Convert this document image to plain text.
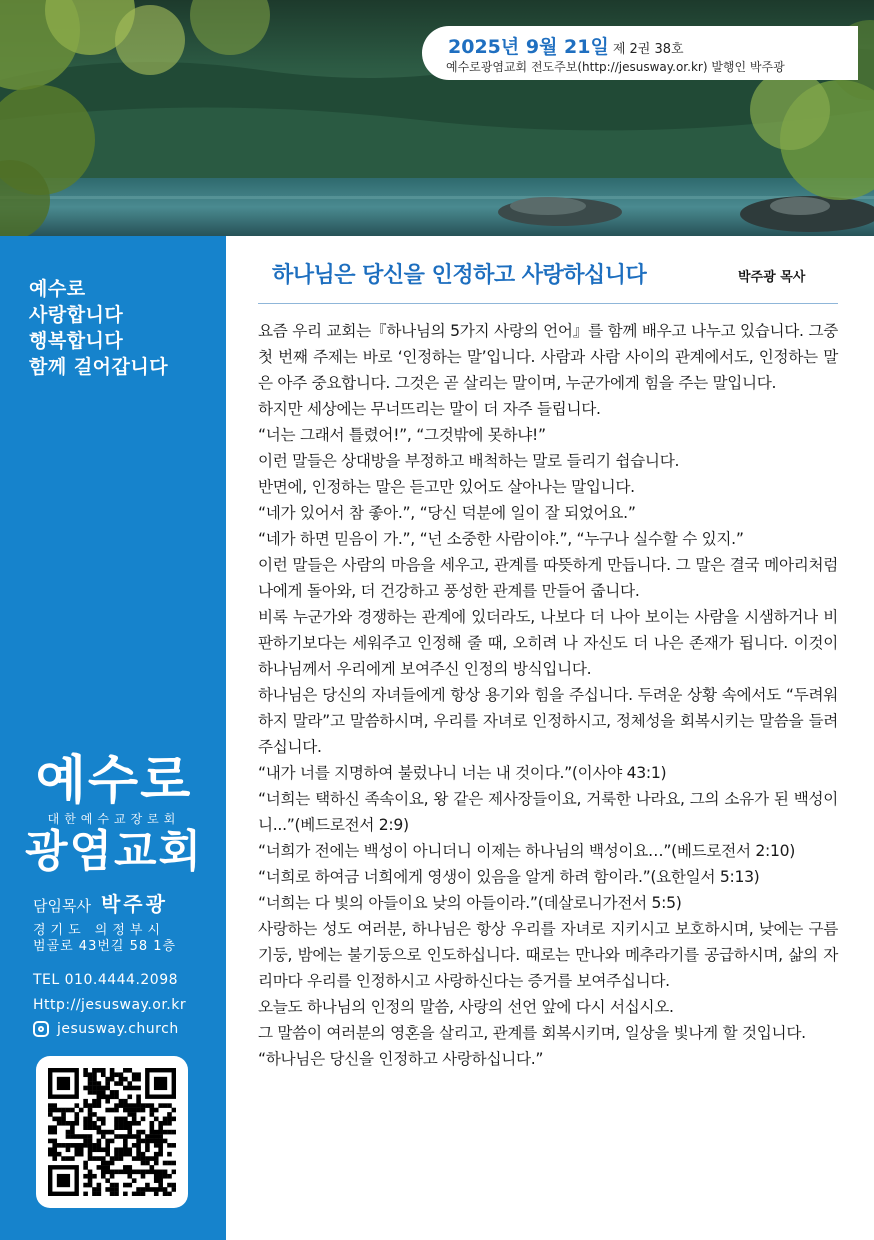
2025년 9월 21일 제 2권 38호
예수로광염교회 전도주보(http://jesusway.or.kr) 발행인 박주광
예수로
사랑합니다
행복합니다
함께 걸어갑니다
예수로
대한예수교장로회
광염교회
담임목사 박주광
경기도 의정부시
범골로 43번길 58 1층
TEL 010.4444.2098
Http://jesusway.or.kr
jesusway.church
하나님은 당신을 인정하고 사랑하십니다	박주광 목사

요즘 우리 교회는『하나님의 5가지 사랑의 언어』를 함께 배우고 나누고 있습니다. 그중 첫 번째 주제는 바로 ‘인정하는 말’입니다. 사람과 사람 사이의 관계에서도, 인정하는 말은 아주 중요합니다. 그것은 곧 살리는 말이며, 누군가에게 힘을 주는 말입니다.

하지만 세상에는 무너뜨리는 말이 더 자주 들립니다.

“너는 그래서 틀렸어!”, “그것밖에 못하냐!”

이런 말들은 상대방을 부정하고 배척하는 말로 들리기 쉽습니다.

반면에, 인정하는 말은 듣고만 있어도 살아나는 말입니다.

“네가 있어서 참 좋아.”, “당신 덕분에 일이 잘 되었어요.”

“네가 하면 믿음이 가.”, “넌 소중한 사람이야.”, “누구나 실수할 수 있지.”

이런 말들은 사람의 마음을 세우고, 관계를 따뜻하게 만듭니다. 그 말은 결국 메아리처럼 나에게 돌아와, 더 건강하고 풍성한 관계를 만들어 줍니다.

비록 누군가와 경쟁하는 관계에 있더라도, 나보다 더 나아 보이는 사람을 시샘하거나 비판하기보다는 세워주고 인정해 줄 때, 오히려 나 자신도 더 나은 존재가 됩니다. 이것이 하나님께서 우리에게 보여주신 인정의 방식입니다.

하나님은 당신의 자녀들에게 항상 용기와 힘을 주십니다. 두려운 상황 속에서도 “두려워하지 말라”고 말씀하시며, 우리를 자녀로 인정하시고, 정체성을 회복시키는 말씀을 들려주십니다.

“내가 너를 지명하여 불렀나니 너는 내 것이다.”(이사야 43:1)

“너희는 택하신 족속이요, 왕 같은 제사장들이요, 거룩한 나라요, 그의 소유가 된 백성이니...”(베드로전서 2:9)

“너희가 전에는 백성이 아니더니 이제는 하나님의 백성이요…”(베드로전서 2:10)

“너희로 하여금 너희에게 영생이 있음을 알게 하려 함이라.”(요한일서 5:13)

“너희는 다 빛의 아들이요 낮의 아들이라.”(데살로니가전서 5:5)

사랑하는 성도 여러분, 하나님은 항상 우리를 자녀로 지키시고 보호하시며, 낮에는 구름기둥, 밤에는 불기둥으로 인도하십니다. 때로는 만나와 메추라기를 공급하시며, 삶의 자리마다 우리를 인정하시고 사랑하신다는 증거를 보여주십니다.

오늘도 하나님의 인정의 말씀, 사랑의 선언 앞에 다시 서십시오.

그 말씀이 여러분의 영혼을 살리고, 관계를 회복시키며, 일상을 빛나게 할 것입니다.

“하나님은 당신을 인정하고 사랑하십니다.”
